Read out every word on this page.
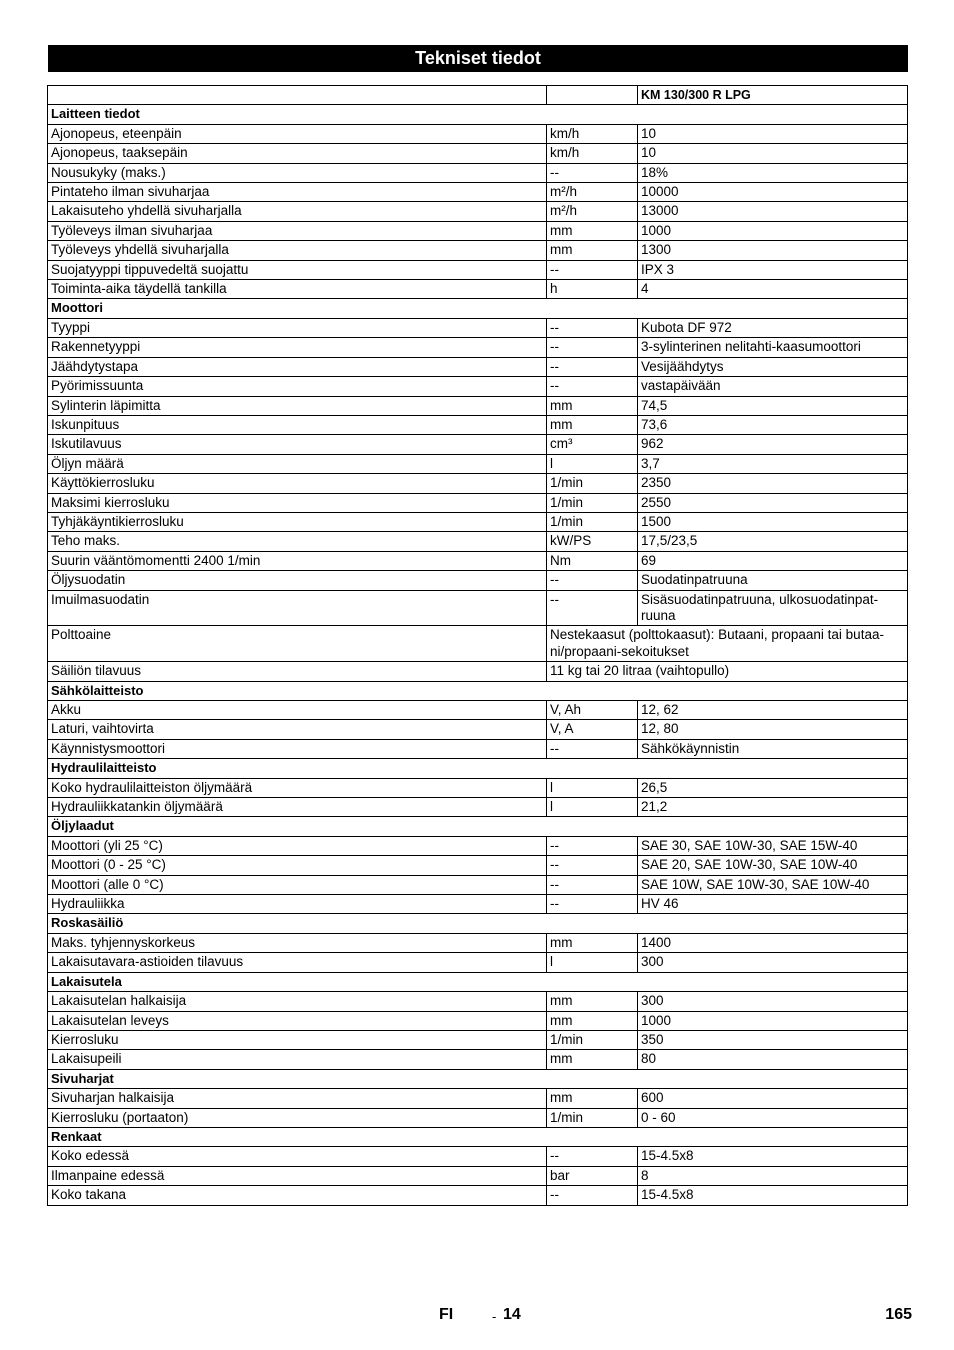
Tekniset tiedot
		KM 130/300 R LPG
Laitteen tiedot		
Ajonopeus, eteenpäin	km/h	10
Ajonopeus, taaksepäin	km/h	10
Nousukyky (maks.)	--	18%
Pintateho ilman sivuharjaa	m²/h	10000
Lakaisuteho yhdellä sivuharjalla	m²/h	13000
Työleveys ilman sivuharjaa	mm	1000
Työleveys yhdellä sivuharjalla	mm	1300
Suojatyyppi tippuvedeltä suojattu	--	IPX 3
Toiminta-aika täydellä tankilla	h	4
Moottori		
Tyyppi	--	Kubota DF 972
Rakennetyyppi	--	3-sylinterinen nelitahti-kaasumoottori
Jäähdytystapa	--	Vesijäähdytys
Pyörimissuunta	--	vastapäivään
Sylinterin läpimitta	mm	74,5
Iskunpituus	mm	73,6
Iskutilavuus	cm³	962
Öljyn määrä	l	3,7
Käyttökierrosluku	1/min	2350
Maksimi kierrosluku	1/min	2550
Tyhjäkäyntikierrosluku	1/min	1500
Teho maks.	kW/PS	17,5/23,5
Suurin vääntömomentti 2400 1/min	Nm	69
Öljysuodatin	--	Suodatinpatruuna
Imuilmasuodatin	--	Sisäsuodatinpatruuna, ulkosuodatinpat-ruuna
Polttoaine	Nestekaasut (polttokaasut): Butaani, propaani tai butaa-ni/propaani-sekoitukset	
Säiliön tilavuus	11 kg tai 20 litraa (vaihtopullo)	
Sähkölaitteisto		
Akku	V, Ah	12, 62
Laturi, vaihtovirta	V, A	12, 80
Käynnistysmoottori	--	Sähkökäynnistin
Hydraulilaitteisto		
Koko hydraulilaitteiston öljymäärä	l	26,5
Hydrauliikkatankin öljymäärä	l	21,2
Öljylaadut		
Moottori (yli 25 °C)	--	SAE 30, SAE 10W-30, SAE 15W-40
Moottori (0 - 25 °C)	--	SAE 20, SAE 10W-30, SAE 10W-40
Moottori (alle 0 °C)	--	SAE 10W, SAE 10W-30, SAE 10W-40
Hydrauliikka	--	HV 46
Roskasäiliö		
Maks. tyhjennyskorkeus	mm	1400
Lakaisutavara-astioiden tilavuus	l	300
Lakaisutela		
Lakaisutelan halkaisija	mm	300
Lakaisutelan leveys	mm	1000
Kierrosluku	1/min	350
Lakaisupeili	mm	80
Sivuharjat		
Sivuharjan halkaisija	mm	600
Kierrosluku (portaaton)	1/min	0 - 60
Renkaat		
Koko edessä	--	15-4.5x8
Ilmanpaine edessä	bar	8
Koko takana	--	15-4.5x8
FI	- 14	165
